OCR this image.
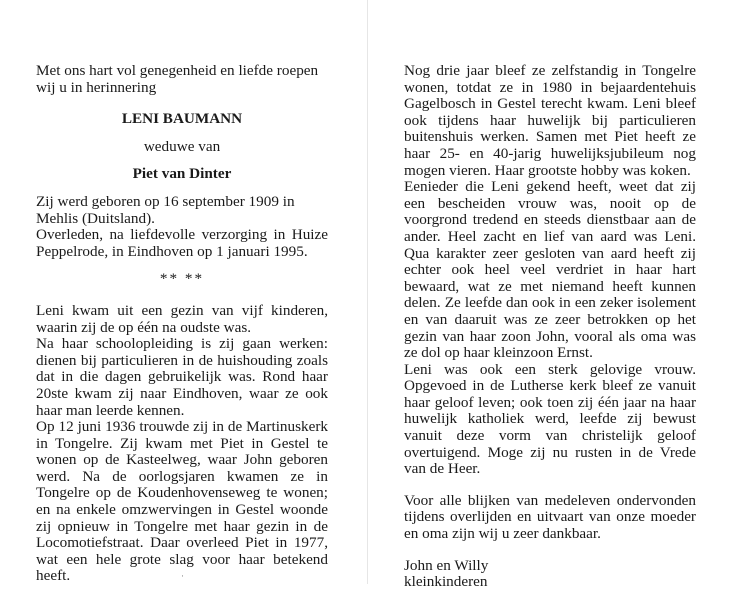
Met ons hart vol genegenheid en liefde roepen wij u in herinnering

LENI BAUMANN

weduwe van

Piet van Dinter

Zij werd geboren op 16 september 1909 in Mehlis (Duitsland).

Overleden, na liefdevolle verzorging in Huize Peppelrode, in Eindhoven op 1 januari 1995.

** **

Leni kwam uit een gezin van vijf kinderen, waarin zij de op één na oudste was.

Na haar schoolopleiding is zij gaan werken: dienen bij particulieren in de huishouding zoals dat in die dagen gebruikelijk was. Rond haar 20ste kwam zij naar Eindhoven, waar ze ook haar man leerde kennen.

Op 12 juni 1936 trouwde zij in de Martinuskerk in Tongelre. Zij kwam met Piet in Gestel te wonen op de Kasteelweg, waar John geboren werd. Na de oorlogsjaren kwamen ze in Tongelre op de Koudenhovenseweg te wonen; en na enkele omzwervingen in Gestel woonde zij opnieuw in Tongelre met haar gezin in de Locomotiefstraat. Daar overleed Piet in 1977, wat een hele grote slag voor haar betekend heeft.

Nog drie jaar bleef ze zelfstandig in Tongelre wonen, totdat ze in 1980 in bejaardentehuis Gagelbosch in Gestel terecht kwam. Leni bleef ook tijdens haar huwelijk bij particulieren buitenshuis werken. Samen met Piet heeft ze haar 25- en 40-jarig huwelijksjubileum nog mogen vieren. Haar grootste hobby was koken.

Eenieder die Leni gekend heeft, weet dat zij een bescheiden vrouw was, nooit op de voorgrond tredend en steeds dienstbaar aan de ander. Heel zacht en lief van aard was Leni. Qua karakter zeer gesloten van aard heeft zij echter ook heel veel verdriet in haar hart bewaard, wat ze met niemand heeft kunnen delen. Ze leefde dan ook in een zeker isolement en van daaruit was ze zeer betrokken op het gezin van haar zoon John, vooral als oma was ze dol op haar kleinzoon Ernst.

Leni was ook een sterk gelovige vrouw. Opgevoed in de Lutherse kerk bleef ze vanuit haar geloof leven; ook toen zij één jaar na haar huwelijk katholiek werd, leefde zij bewust vanuit deze vorm van christelijk geloof overtuigend. Moge zij nu rusten in de Vrede van de Heer.

Voor alle blijken van medeleven ondervonden tijdens overlijden en uitvaart van onze moeder en oma zijn wij u zeer dankbaar.

John en Willy

kleinkinderen

·
